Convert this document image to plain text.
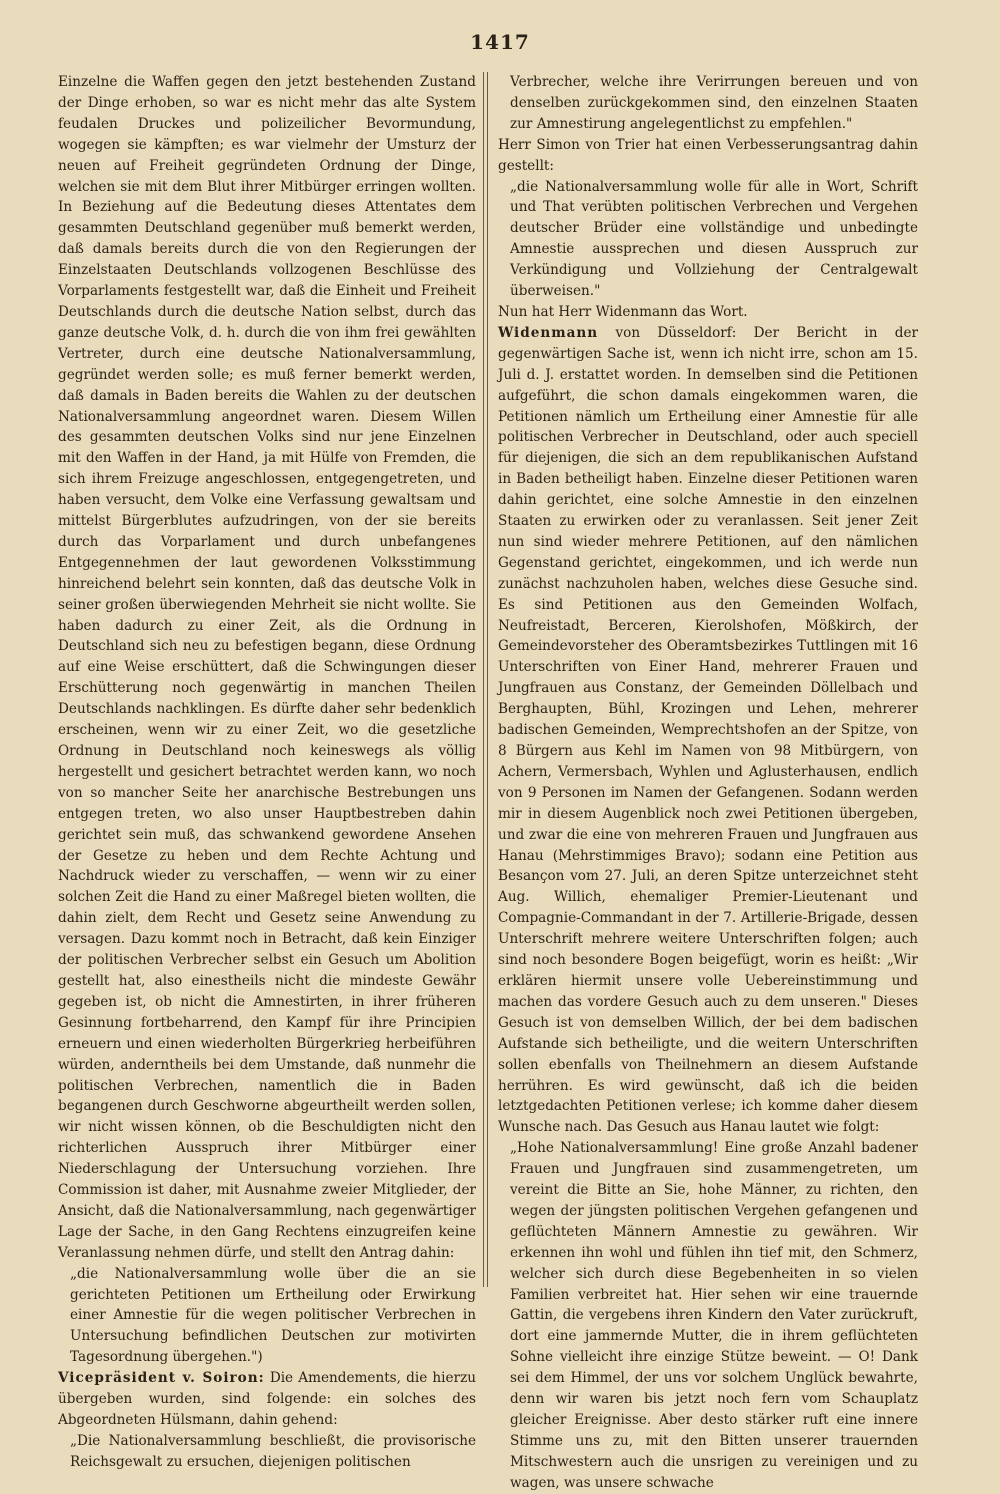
1417

Einzelne die Waffen gegen den jetzt bestehenden Zustand der Dinge erhoben, so war es nicht mehr das alte System feudalen Druckes und polizeilicher Bevormundung, wogegen sie kämpften; es war vielmehr der Umsturz der neuen auf Freiheit gegründeten Ordnung der Dinge, welchen sie mit dem Blut ihrer Mitbürger erringen wollten. In Beziehung auf die Bedeutung dieses Attentates dem gesammten Deutschland gegenüber muß bemerkt werden, daß damals bereits durch die von den Regierungen der Einzelstaaten Deutschlands vollzogenen Beschlüsse des Vorparlaments festgestellt war, daß die Einheit und Freiheit Deutschlands durch die deutsche Nation selbst, durch das ganze deutsche Volk, d. h. durch die von ihm frei gewählten Vertreter, durch eine deutsche Nationalversammlung, gegründet werden solle; es muß ferner bemerkt werden, daß damals in Baden bereits die Wahlen zu der deutschen Nationalversammlung angeordnet waren. Diesem Willen des gesammten deutschen Volks sind nur jene Einzelnen mit den Waffen in der Hand, ja mit Hülfe von Fremden, die sich ihrem Freizuge angeschlossen, entgegengetreten, und haben versucht, dem Volke eine Verfassung gewaltsam und mittelst Bürgerblutes aufzudringen, von der sie bereits durch das Vorparlament und durch unbefangenes Entgegennehmen der laut gewordenen Volksstimmung hinreichend belehrt sein konnten, daß das deutsche Volk in seiner großen überwiegenden Mehrheit sie nicht wollte. Sie haben dadurch zu einer Zeit, als die Ordnung in Deutschland sich neu zu befestigen begann, diese Ordnung auf eine Weise erschüttert, daß die Schwingungen dieser Erschütterung noch gegenwärtig in manchen Theilen Deutschlands nachklingen. Es dürfte daher sehr bedenklich erscheinen, wenn wir zu einer Zeit, wo die gesetzliche Ordnung in Deutschland noch keineswegs als völlig hergestellt und gesichert betrachtet werden kann, wo noch von so mancher Seite her anarchische Bestrebungen uns entgegen treten, wo also unser Hauptbestreben dahin gerichtet sein muß, das schwankend gewordene Ansehen der Gesetze zu heben und dem Rechte Achtung und Nachdruck wieder zu verschaffen, — wenn wir zu einer solchen Zeit die Hand zu einer Maßregel bieten wollten, die dahin zielt, dem Recht und Gesetz seine Anwendung zu versagen. Dazu kommt noch in Betracht, daß kein Einziger der politischen Verbrecher selbst ein Gesuch um Abolition gestellt hat, also einestheils nicht die mindeste Gewähr gegeben ist, ob nicht die Amnestirten, in ihrer früheren Gesinnung fortbeharrend, den Kampf für ihre Principien erneuern und einen wiederholten Bürgerkrieg herbeiführen würden, anderntheils bei dem Umstande, daß nunmehr die politischen Verbrechen, namentlich die in Baden begangenen durch Geschworne abgeurtheilt werden sollen, wir nicht wissen können, ob die Beschuldigten nicht den richterlichen Ausspruch ihrer Mitbürger einer Niederschlagung der Untersuchung vorziehen. Ihre Commission ist daher, mit Ausnahme zweier Mitglieder, der Ansicht, daß die Nationalversammlung, nach gegenwärtiger Lage der Sache, in den Gang Rechtens einzugreifen keine Veranlassung nehmen dürfe, und stellt den Antrag dahin:

„die Nationalversammlung wolle über die an sie gerichteten Petitionen um Ertheilung oder Erwirkung einer Amnestie für die wegen politischer Verbrechen in Untersuchung befindlichen Deutschen zur motivirten Tagesordnung übergehen.")

Vicepräsident v. Soiron: Die Amendements, die hierzu übergeben wurden, sind folgende: ein solches des Abgeordneten Hülsmann, dahin gehend:

„Die Nationalversammlung beschließt, die provisorische Reichsgewalt zu ersuchen, diejenigen politischen

Verbrecher, welche ihre Verirrungen bereuen und von denselben zurückgekommen sind, den einzelnen Staaten zur Amnestirung angelegentlichst zu empfehlen."

Herr Simon von Trier hat einen Verbesserungsantrag dahin gestellt:

„die Nationalversammlung wolle für alle in Wort, Schrift und That verübten politischen Verbrechen und Vergehen deutscher Brüder eine vollständige und unbedingte Amnestie aussprechen und diesen Ausspruch zur Verkündigung und Vollziehung der Centralgewalt überweisen."

Nun hat Herr Widenmann das Wort.

Widenmann von Düsseldorf: Der Bericht in der gegenwärtigen Sache ist, wenn ich nicht irre, schon am 15. Juli d. J. erstattet worden. In demselben sind die Petitionen aufgeführt, die schon damals eingekommen waren, die Petitionen nämlich um Ertheilung einer Amnestie für alle politischen Verbrecher in Deutschland, oder auch speciell für diejenigen, die sich an dem republikanischen Aufstand in Baden betheiligt haben. Einzelne dieser Petitionen waren dahin gerichtet, eine solche Amnestie in den einzelnen Staaten zu erwirken oder zu veranlassen. Seit jener Zeit nun sind wieder mehrere Petitionen, auf den nämlichen Gegenstand gerichtet, eingekommen, und ich werde nun zunächst nachzuholen haben, welches diese Gesuche sind. Es sind Petitionen aus den Gemeinden Wolfach, Neufreistadt, Berceren, Kierolshofen, Mößkirch, der Gemeindevorsteher des Oberamtsbezirkes Tuttlingen mit 16 Unterschriften von Einer Hand, mehrerer Frauen und Jungfrauen aus Constanz, der Gemeinden Döllelbach und Berghaupten, Bühl, Krozingen und Lehen, mehrerer badischen Gemeinden, Wemprechtshofen an der Spitze, von 8 Bürgern aus Kehl im Namen von 98 Mitbürgern, von Achern, Vermersbach, Wyhlen und Aglusterhausen, endlich von 9 Personen im Namen der Gefangenen. Sodann werden mir in diesem Augenblick noch zwei Petitionen übergeben, und zwar die eine von mehreren Frauen und Jungfrauen aus Hanau (Mehrstimmiges Bravo); sodann eine Petition aus Besançon vom 27. Juli, an deren Spitze unterzeichnet steht Aug. Willich, ehemaliger Premier-Lieutenant und Compagnie-Commandant in der 7. Artillerie-Brigade, dessen Unterschrift mehrere weitere Unterschriften folgen; auch sind noch besondere Bogen beigefügt, worin es heißt: „Wir erklären hiermit unsere volle Uebereinstimmung und machen das vordere Gesuch auch zu dem unseren." Dieses Gesuch ist von demselben Willich, der bei dem badischen Aufstande sich betheiligte, und die weitern Unterschriften sollen ebenfalls von Theilnehmern an diesem Aufstande herrühren. Es wird gewünscht, daß ich die beiden letztgedachten Petitionen verlese; ich komme daher diesem Wunsche nach. Das Gesuch aus Hanau lautet wie folgt:

„Hohe Nationalversammlung! Eine große Anzahl badener Frauen und Jungfrauen sind zusammengetreten, um vereint die Bitte an Sie, hohe Männer, zu richten, den wegen der jüngsten politischen Vergehen gefangenen und geflüchteten Männern Amnestie zu gewähren. Wir erkennen ihn wohl und fühlen ihn tief mit, den Schmerz, welcher sich durch diese Begebenheiten in so vielen Familien verbreitet hat. Hier sehen wir eine trauernde Gattin, die vergebens ihren Kindern den Vater zurückruft, dort eine jammernde Mutter, die in ihrem geflüchteten Sohne vielleicht ihre einzige Stütze beweint. — O! Dank sei dem Himmel, der uns vor solchem Unglück bewahrte, denn wir waren bis jetzt noch fern vom Schauplatz gleicher Ereignisse. Aber desto stärker ruft eine innere Stimme uns zu, mit den Bitten unserer trauernden Mitschwestern auch die unsrigen zu vereinigen und zu wagen, was unsere schwache
